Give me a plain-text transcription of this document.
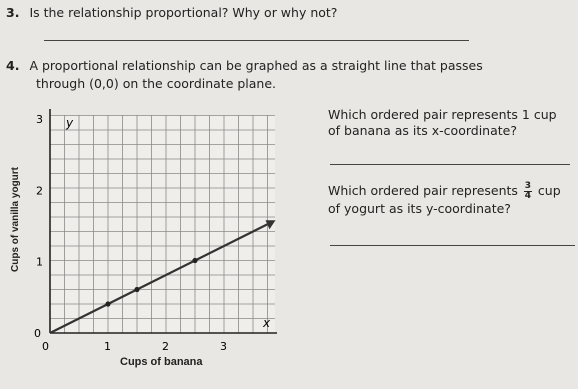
3. Is the relationship proportional? Why or why not?
4. A proportional relationship can be graphed as a straight line that passes
through (0,0) on the coordinate plane.
Which ordered pair represents 1 cup
of banana as its x-coordinate?
Which ordered pair represents $\frac{3}{4}$ cup
of yogurt as its y-coordinate?
0	1	2	3
1
2
3
0
y
x
Cups of banana
Cups of vanilla yogurt
